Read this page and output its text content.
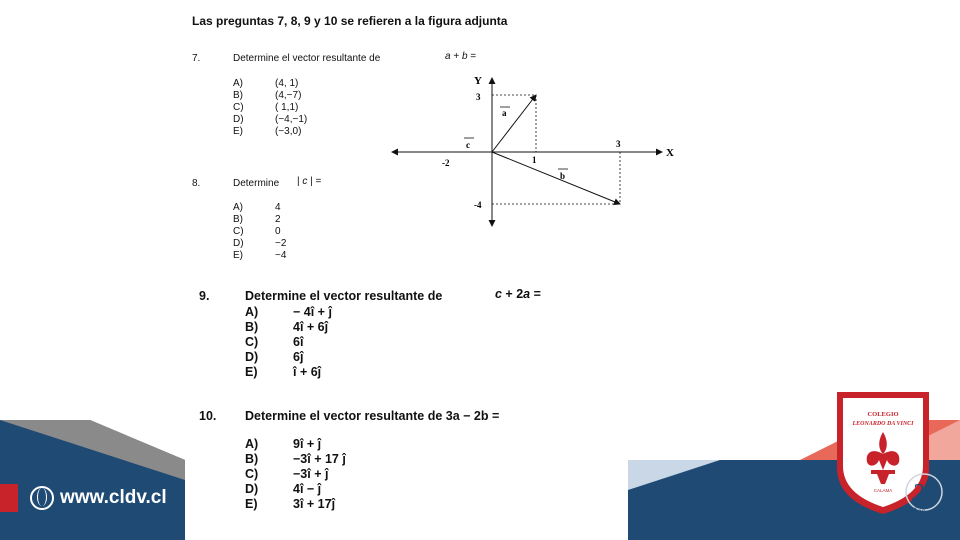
www.cldv.cl
Las preguntas 7, 8, 9 y 10 se refieren a la figura adjunta
7.	Determine el vector resultante de	a + b =
A)	(4, 1)
B)	(4,−7)
C)	( 1,1)
D)	(−4,−1)
E)	(−3,0)
8.	Determine | c | =
A)	4
B)	2
C)	0
D)	−2
E)	−4
X
Y
-2	1
3
3
-4
a
b
c
9.	Determine el vector resultante de	c + 2a =
A)	− 4î + ĵ
B)	4î + 6ĵ
C)	6î
D)	6ĵ
E)	î + 6ĵ
10. Determine el vector resultante de 3a − 2b =
A)	9î + ĵ
B)	−3î + 17 ĵ
C)	−3î + ĵ
D)	4î − ĵ
E)	3î + 17ĵ
COLEGIO
LEONARDO DA VINCI
CALAMA 28
años
